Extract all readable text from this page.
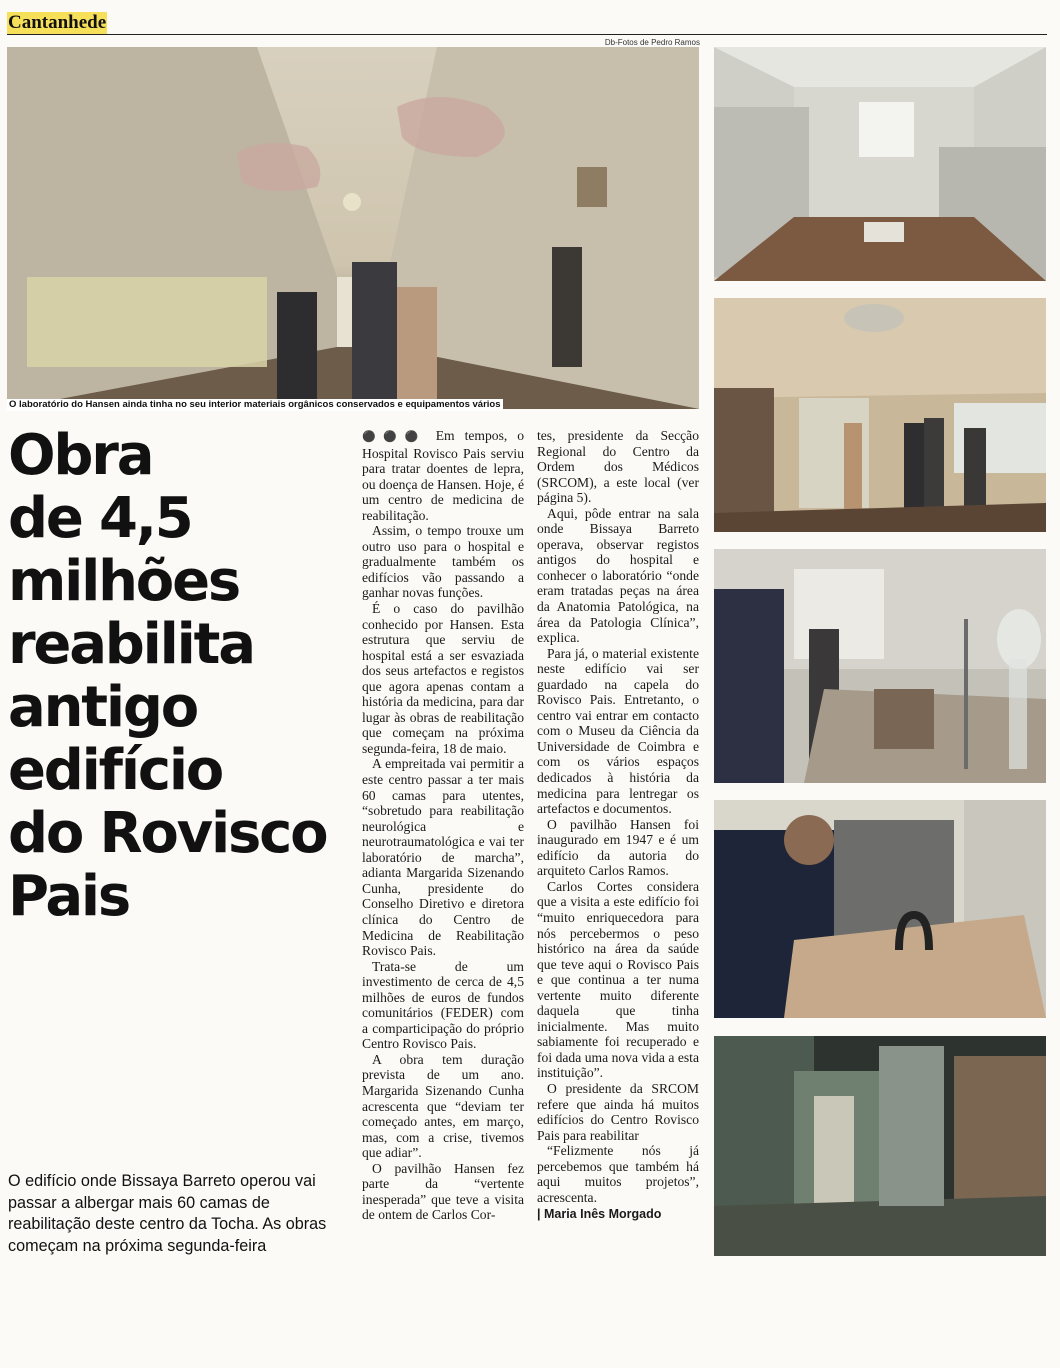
Cantanhede
Db-Fotos de Pedro Ramos
O laboratório do Hansen ainda tinha no seu interior materiais orgânicos conservados e equipamentos vários
Obra
de 4,5
milhões
reabilita
antigo
edifício
do Rovisco
Pais
O edifício onde Bissaya Barreto operou vai passar a albergar mais 60 camas de reabilitação deste centro da Tocha. As obras começam na próxima segunda-feira

⚫⚫⚫ Em tempos, o Hospital Rovisco Pais serviu para tratar doentes de lepra, ou doença de Hansen. Hoje, é um centro de medicina de reabilitação.

Assim, o tempo trouxe um outro uso para o hospital e gradualmente também os edifícios vão passando a ganhar novas funções.

É o caso do pavilhão conhecido por Hansen. Esta estrutura que serviu de hospital está a ser esvaziada dos seus artefactos e registos que agora apenas contam a história da medicina, para dar lugar às obras de reabilitação que começam na próxima segunda-feira, 18 de maio.

A empreitada vai permitir a este centro passar a ter mais 60 camas para utentes, “sobretudo para reabilitação neurológica e neurotraumatológica e vai ter laboratório de marcha”, adianta Margarida Sizenando Cunha, presidente do Conselho Diretivo e diretora clínica do Centro de Medicina de Reabilitação Rovisco Pais.

Trata-se de um investimento de cerca de 4,5 milhões de euros de fundos comunitários (FEDER) com a comparticipação do próprio Centro Rovisco Pais.

A obra tem duração prevista de um ano. Margarida Sizenando Cunha acrescenta que “deviam ter começado antes, em março, mas, com a crise, tivemos que adiar”.

O pavilhão Hansen fez parte da “vertente inesperada” que teve a visita de ontem de Carlos Cor-

tes, presidente da Secção Regional do Centro da Ordem dos Médicos (SRCOM), a este local (ver página 5).

Aqui, pôde entrar na sala onde Bissaya Barreto operava, observar registos antigos do hospital e conhecer o laboratório “onde eram tratadas peças na área da Anatomia Patológica, na área da Patologia Clínica”, explica.

Para já, o material existente neste edifício vai ser guardado na capela do Rovisco Pais. Entretanto, o centro vai entrar em contacto com o Museu da Ciência da Universidade de Coimbra e com os vários espaços dedicados à história da medicina para lentregar os artefactos e documentos.

O pavilhão Hansen foi inaugurado em 1947 e é um edifício da autoria do arquiteto Carlos Ramos.

Carlos Cortes considera que a visita a este edifício foi “muito enriquecedora para nós percebermos o peso histórico na área da saúde que teve aqui o Rovisco Pais e que continua a ter numa vertente muito diferente daquela que tinha inicialmente. Mas muito sabiamente foi recuperado e foi dada uma nova vida a esta instituição”.

O presidente da SRCOM refere que ainda há muitos edifícios do Centro Rovisco Pais para reabilitar

“Felizmente nós já percebemos que também há aqui muitos projetos”, acrescenta.

| Maria Inês Morgado
